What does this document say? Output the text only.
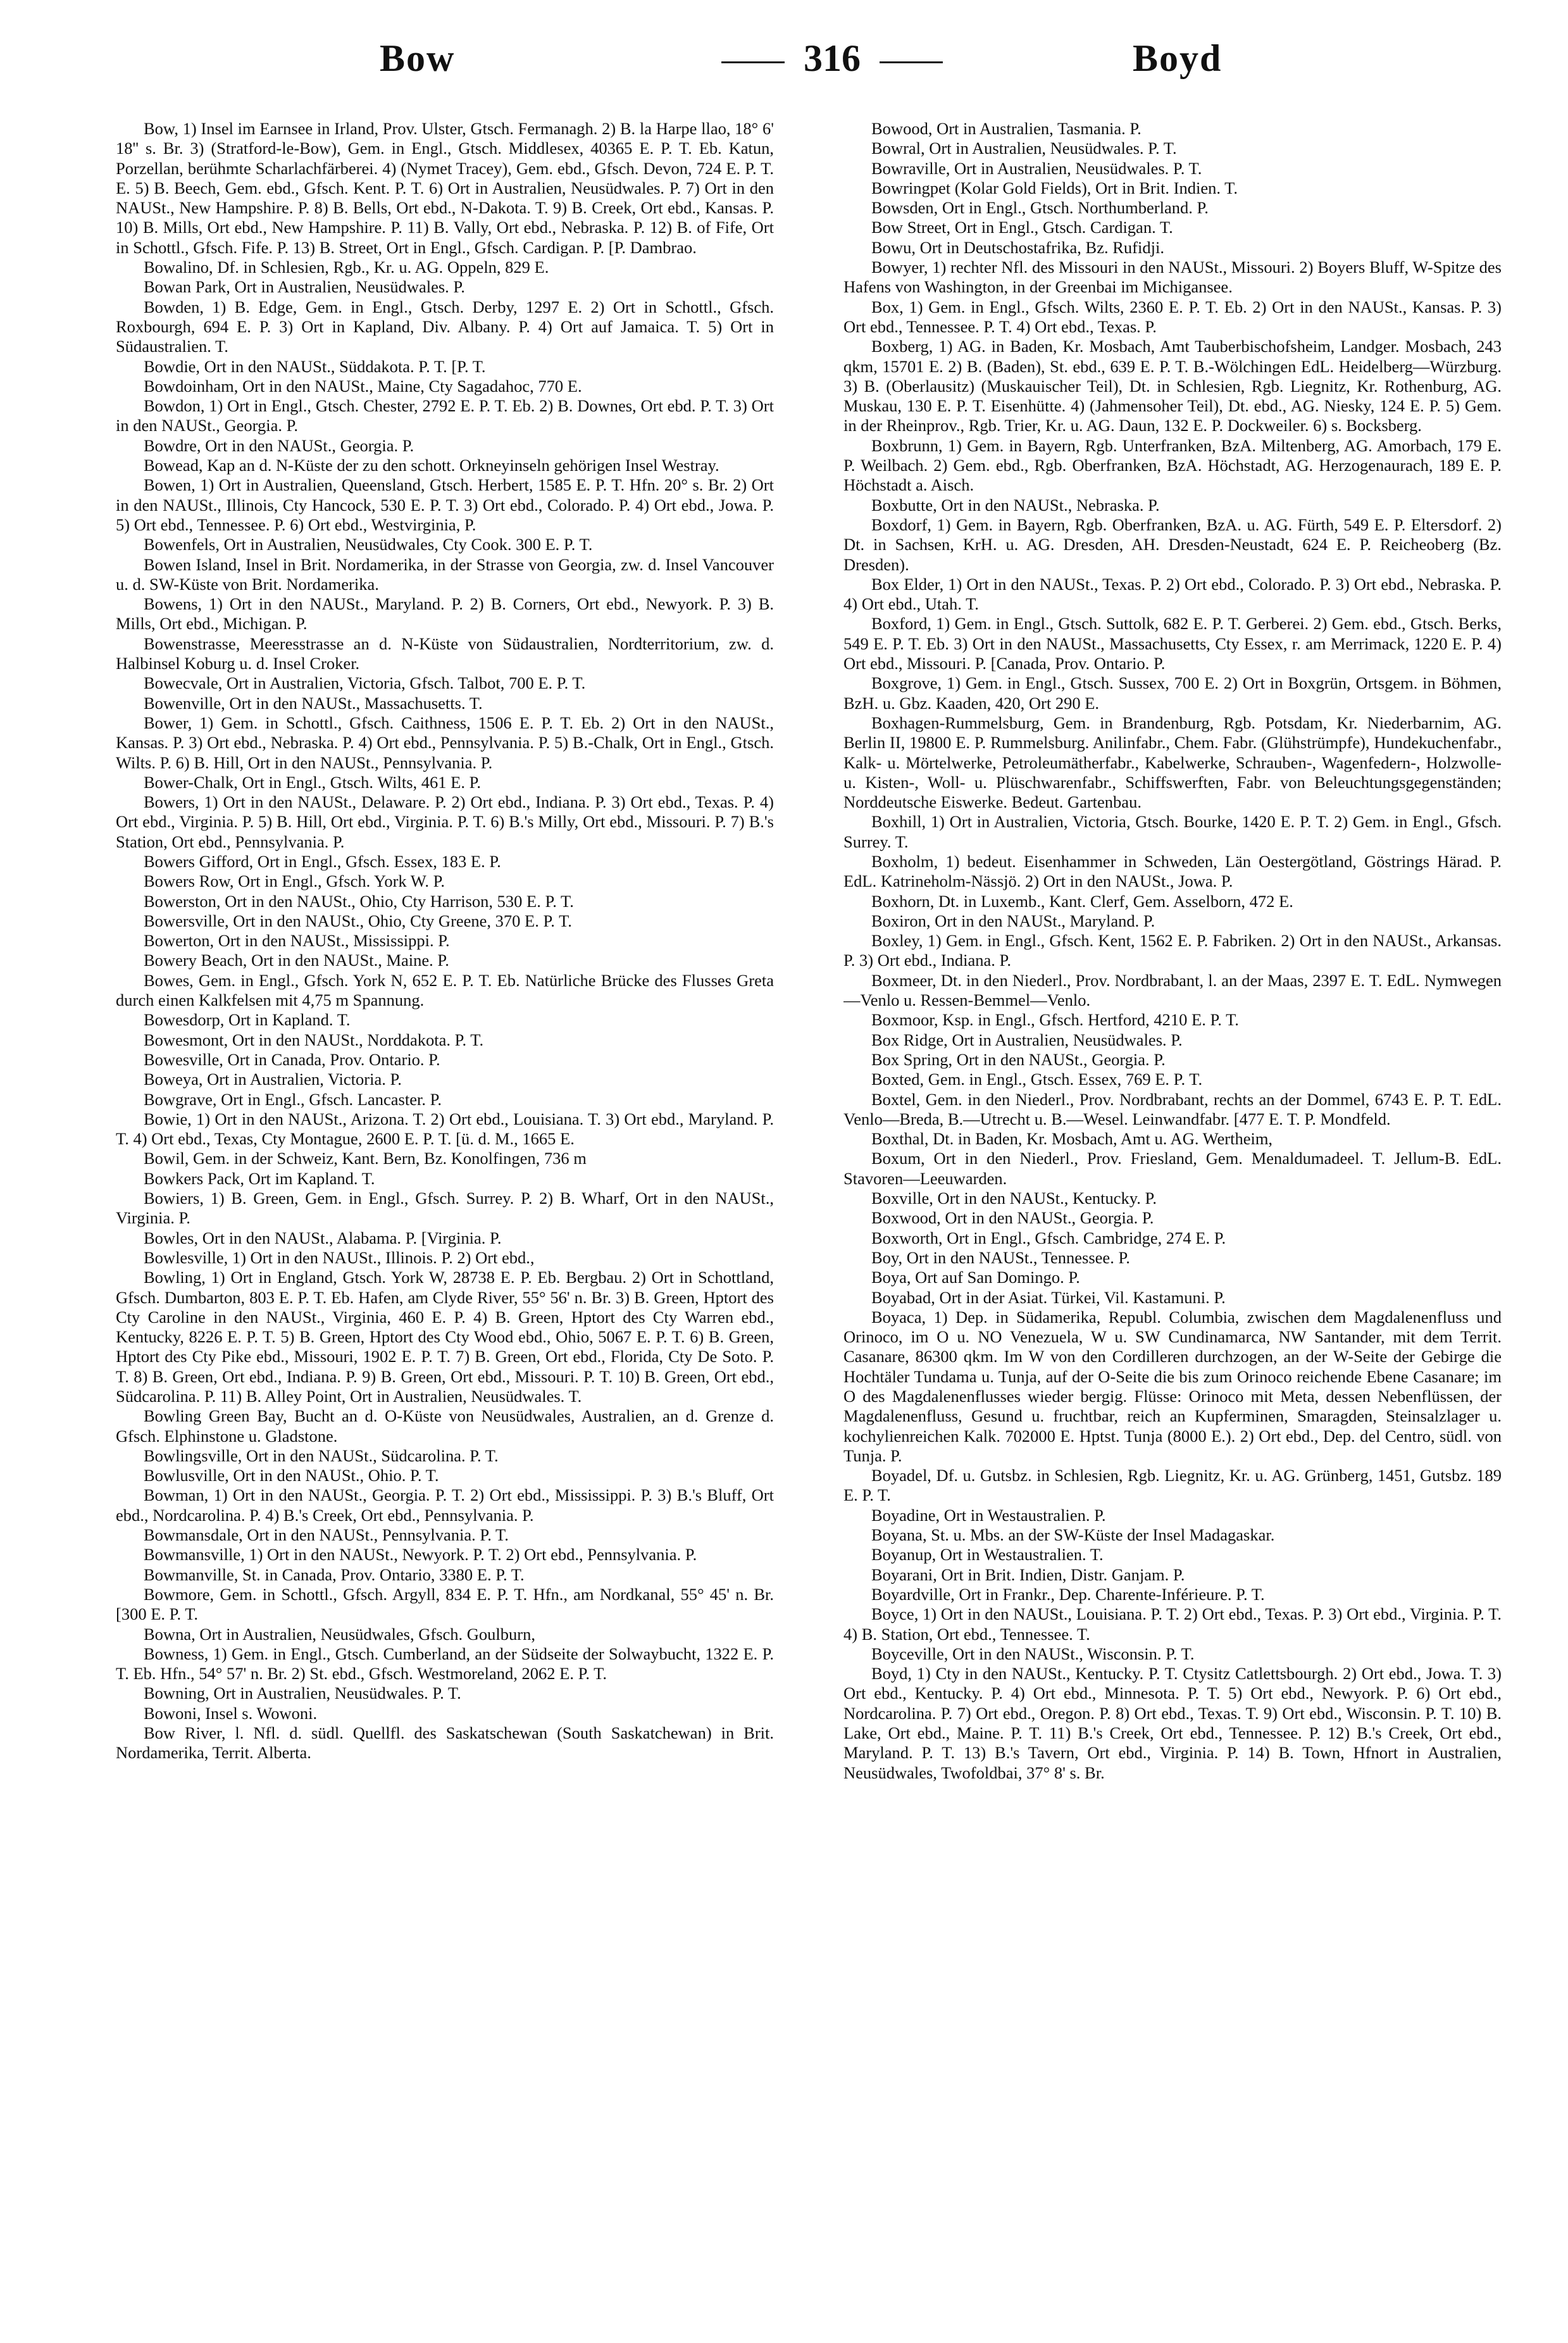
Bow	316	Boyd

Bow, 1) Insel im Earnsee in Irland, Prov. Ulster, Gtsch. Fermanagh. 2) B. la Harpe llao, 18° 6' 18'' s. Br. 3) (Stratford-le-Bow), Gem. in Engl., Gtsch. Middlesex, 40365 E. P. T. Eb. Katun, Porzellan, berühmte Scharlachfärberei. 4) (Nymet Tracey), Gem. ebd., Gfsch. Devon, 724 E. P. T. E. 5) B. Beech, Gem. ebd., Gfsch. Kent. P. T. 6) Ort in Australien, Neusüdwales. P. 7) Ort in den NAUSt., New Hampshire. P. 8) B. Bells, Ort ebd., N-Dakota. T. 9) B. Creek, Ort ebd., Kansas. P. 10) B. Mills, Ort ebd., New Hampshire. P. 11) B. Vally, Ort ebd., Nebraska. P. 12) B. of Fife, Ort in Schottl., Gfsch. Fife. P. 13) B. Street, Ort in Engl., Gfsch. Cardigan. P. [P. Dambrao.

Bowalino, Df. in Schlesien, Rgb., Kr. u. AG. Oppeln, 829 E.

Bowan Park, Ort in Australien, Neusüdwales. P.

Bowden, 1) B. Edge, Gem. in Engl., Gtsch. Derby, 1297 E. 2) Ort in Schottl., Gfsch. Roxbourgh, 694 E. P. 3) Ort in Kapland, Div. Albany. P. 4) Ort auf Jamaica. T. 5) Ort in Südaustralien. T.

Bowdie, Ort in den NAUSt., Süddakota. P. T. [P. T.

Bowdoinham, Ort in den NAUSt., Maine, Cty Sagadahoc, 770 E.

Bowdon, 1) Ort in Engl., Gtsch. Chester, 2792 E. P. T. Eb. 2) B. Downes, Ort ebd. P. T. 3) Ort in den NAUSt., Georgia. P.

Bowdre, Ort in den NAUSt., Georgia. P.

Bowead, Kap an d. N-Küste der zu den schott. Orkneyinseln gehörigen Insel Westray.

Bowen, 1) Ort in Australien, Queensland, Gtsch. Herbert, 1585 E. P. T. Hfn. 20° s. Br. 2) Ort in den NAUSt., Illinois, Cty Hancock, 530 E. P. T. 3) Ort ebd., Colorado. P. 4) Ort ebd., Jowa. P. 5) Ort ebd., Tennessee. P. 6) Ort ebd., Westvirginia, P.

Bowenfels, Ort in Australien, Neusüdwales, Cty Cook. 300 E. P. T.

Bowen Island, Insel in Brit. Nordamerika, in der Strasse von Georgia, zw. d. Insel Vancouver u. d. SW-Küste von Brit. Nordamerika.

Bowens, 1) Ort in den NAUSt., Maryland. P. 2) B. Corners, Ort ebd., Newyork. P. 3) B. Mills, Ort ebd., Michigan. P.

Bowenstrasse, Meeresstrasse an d. N-Küste von Südaustralien, Nordterritorium, zw. d. Halbinsel Koburg u. d. Insel Croker.

Bowecvale, Ort in Australien, Victoria, Gfsch. Talbot, 700 E. P. T.

Bowenville, Ort in den NAUSt., Massachusetts. T.

Bower, 1) Gem. in Schottl., Gfsch. Caithness, 1506 E. P. T. Eb. 2) Ort in den NAUSt., Kansas. P. 3) Ort ebd., Nebraska. P. 4) Ort ebd., Pennsylvania. P. 5) B.-Chalk, Ort in Engl., Gtsch. Wilts. P. 6) B. Hill, Ort in den NAUSt., Pennsylvania. P.

Bower-Chalk, Ort in Engl., Gtsch. Wilts, 461 E. P.

Bowers, 1) Ort in den NAUSt., Delaware. P. 2) Ort ebd., Indiana. P. 3) Ort ebd., Texas. P. 4) Ort ebd., Virginia. P. 5) B. Hill, Ort ebd., Virginia. P. T. 6) B.'s Milly, Ort ebd., Missouri. P. 7) B.'s Station, Ort ebd., Pennsylvania. P.

Bowers Gifford, Ort in Engl., Gfsch. Essex, 183 E. P.

Bowers Row, Ort in Engl., Gfsch. York W. P.

Bowerston, Ort in den NAUSt., Ohio, Cty Harrison, 530 E. P. T.

Bowersville, Ort in den NAUSt., Ohio, Cty Greene, 370 E. P. T.

Bowerton, Ort in den NAUSt., Mississippi. P.

Bowery Beach, Ort in den NAUSt., Maine. P.

Bowes, Gem. in Engl., Gfsch. York N, 652 E. P. T. Eb. Natürliche Brücke des Flusses Greta durch einen Kalkfelsen mit 4,75 m Spannung.

Bowesdorp, Ort in Kapland. T.

Bowesmont, Ort in den NAUSt., Norddakota. P. T.

Bowesville, Ort in Canada, Prov. Ontario. P.

Boweya, Ort in Australien, Victoria. P.

Bowgrave, Ort in Engl., Gfsch. Lancaster. P.

Bowie, 1) Ort in den NAUSt., Arizona. T. 2) Ort ebd., Louisiana. T. 3) Ort ebd., Maryland. P. T. 4) Ort ebd., Texas, Cty Montague, 2600 E. P. T. [ü. d. M., 1665 E.

Bowil, Gem. in der Schweiz, Kant. Bern, Bz. Konolfingen, 736 m

Bowkers Pack, Ort im Kapland. T.

Bowiers, 1) B. Green, Gem. in Engl., Gfsch. Surrey. P. 2) B. Wharf, Ort in den NAUSt., Virginia. P.

Bowles, Ort in den NAUSt., Alabama. P. [Virginia. P.

Bowlesville, 1) Ort in den NAUSt., Illinois. P. 2) Ort ebd.,

Bowling, 1) Ort in England, Gtsch. York W, 28738 E. P. Eb. Bergbau. 2) Ort in Schottland, Gfsch. Dumbarton, 803 E. P. T. Eb. Hafen, am Clyde River, 55° 56' n. Br. 3) B. Green, Hptort des Cty Caroline in den NAUSt., Virginia, 460 E. P. 4) B. Green, Hptort des Cty Warren ebd., Kentucky, 8226 E. P. T. 5) B. Green, Hptort des Cty Wood ebd., Ohio, 5067 E. P. T. 6) B. Green, Hptort des Cty Pike ebd., Missouri, 1902 E. P. T. 7) B. Green, Ort ebd., Florida, Cty De Soto. P. T. 8) B. Green, Ort ebd., Indiana. P. 9) B. Green, Ort ebd., Missouri. P. T. 10) B. Green, Ort ebd., Südcarolina. P. 11) B. Alley Point, Ort in Australien, Neusüdwales. T.

Bowling Green Bay, Bucht an d. O-Küste von Neusüdwales, Australien, an d. Grenze d. Gfsch. Elphinstone u. Gladstone.

Bowlingsville, Ort in den NAUSt., Südcarolina. P. T.

Bowlusville, Ort in den NAUSt., Ohio. P. T.

Bowman, 1) Ort in den NAUSt., Georgia. P. T. 2) Ort ebd., Mississippi. P. 3) B.'s Bluff, Ort ebd., Nordcarolina. P. 4) B.'s Creek, Ort ebd., Pennsylvania. P.

Bowmansdale, Ort in den NAUSt., Pennsylvania. P. T.

Bowmansville, 1) Ort in den NAUSt., Newyork. P. T. 2) Ort ebd., Pennsylvania. P.

Bowmanville, St. in Canada, Prov. Ontario, 3380 E. P. T.

Bowmore, Gem. in Schottl., Gfsch. Argyll, 834 E. P. T. Hfn., am Nordkanal, 55° 45' n. Br. [300 E. P. T.

Bowna, Ort in Australien, Neusüdwales, Gfsch. Goulburn,

Bowness, 1) Gem. in Engl., Gtsch. Cumberland, an der Südseite der Solwaybucht, 1322 E. P. T. Eb. Hfn., 54° 57' n. Br. 2) St. ebd., Gfsch. Westmoreland, 2062 E. P. T.

Bowning, Ort in Australien, Neusüdwales. P. T.

Bowoni, Insel s. Wowoni.

Bow River, l. Nfl. d. südl. Quellfl. des Saskatschewan (South Saskatchewan) in Brit. Nordamerika, Territ. Alberta.

Bowood, Ort in Australien, Tasmania. P.

Bowral, Ort in Australien, Neusüdwales. P. T.

Bowraville, Ort in Australien, Neusüdwales. P. T.

Bowringpet (Kolar Gold Fields), Ort in Brit. Indien. T.

Bowsden, Ort in Engl., Gtsch. Northumberland. P.

Bow Street, Ort in Engl., Gtsch. Cardigan. T.

Bowu, Ort in Deutschostafrika, Bz. Rufidji.

Bowyer, 1) rechter Nfl. des Missouri in den NAUSt., Missouri. 2) Boyers Bluff, W-Spitze des Hafens von Washington, in der Greenbai im Michigansee.

Box, 1) Gem. in Engl., Gfsch. Wilts, 2360 E. P. T. Eb. 2) Ort in den NAUSt., Kansas. P. 3) Ort ebd., Tennessee. P. T. 4) Ort ebd., Texas. P.

Boxberg, 1) AG. in Baden, Kr. Mosbach, Amt Tauberbischofsheim, Landger. Mosbach, 243 qkm, 15701 E. 2) B. (Baden), St. ebd., 639 E. P. T. B.-Wölchingen EdL. Heidelberg—Würzburg. 3) B. (Oberlausitz) (Muskauischer Teil), Dt. in Schlesien, Rgb. Liegnitz, Kr. Rothenburg, AG. Muskau, 130 E. P. T. Eisenhütte. 4) (Jahmensoher Teil), Dt. ebd., AG. Niesky, 124 E. P. 5) Gem. in der Rheinprov., Rgb. Trier, Kr. u. AG. Daun, 132 E. P. Dockweiler. 6) s. Bocksberg.

Boxbrunn, 1) Gem. in Bayern, Rgb. Unterfranken, BzA. Miltenberg, AG. Amorbach, 179 E. P. Weilbach. 2) Gem. ebd., Rgb. Oberfranken, BzA. Höchstadt, AG. Herzogenaurach, 189 E. P. Höchstadt a. Aisch.

Boxbutte, Ort in den NAUSt., Nebraska. P.

Boxdorf, 1) Gem. in Bayern, Rgb. Oberfranken, BzA. u. AG. Fürth, 549 E. P. Eltersdorf. 2) Dt. in Sachsen, KrH. u. AG. Dresden, AH. Dresden-Neustadt, 624 E. P. Reicheoberg (Bz. Dresden).

Box Elder, 1) Ort in den NAUSt., Texas. P. 2) Ort ebd., Colorado. P. 3) Ort ebd., Nebraska. P. 4) Ort ebd., Utah. T.

Boxford, 1) Gem. in Engl., Gtsch. Suttolk, 682 E. P. T. Gerberei. 2) Gem. ebd., Gtsch. Berks, 549 E. P. T. Eb. 3) Ort in den NAUSt., Massachusetts, Cty Essex, r. am Merrimack, 1220 E. P. 4) Ort ebd., Missouri. P. [Canada, Prov. Ontario. P.

Boxgrove, 1) Gem. in Engl., Gtsch. Sussex, 700 E. 2) Ort in Boxgrün, Ortsgem. in Böhmen, BzH. u. Gbz. Kaaden, 420, Ort 290 E.

Boxhagen-Rummelsburg, Gem. in Brandenburg, Rgb. Potsdam, Kr. Niederbarnim, AG. Berlin II, 19800 E. P. Rummelsburg. Anilinfabr., Chem. Fabr. (Glühstrümpfe), Hundekuchenfabr., Kalk- u. Mörtelwerke, Petroleumätherfabr., Kabelwerke, Schrauben-, Wagenfedern-, Holzwolle- u. Kisten-, Woll- u. Plüschwarenfabr., Schiffswerften, Fabr. von Beleuchtungsgegenständen; Norddeutsche Eiswerke. Bedeut. Gartenbau.

Boxhill, 1) Ort in Australien, Victoria, Gtsch. Bourke, 1420 E. P. T. 2) Gem. in Engl., Gfsch. Surrey. T.

Boxholm, 1) bedeut. Eisenhammer in Schweden, Län Oestergötland, Göstrings Härad. P. EdL. Katrineholm-Nässjö. 2) Ort in den NAUSt., Jowa. P.

Boxhorn, Dt. in Luxemb., Kant. Clerf, Gem. Asselborn, 472 E.

Boxiron, Ort in den NAUSt., Maryland. P.

Boxley, 1) Gem. in Engl., Gfsch. Kent, 1562 E. P. Fabriken. 2) Ort in den NAUSt., Arkansas. P. 3) Ort ebd., Indiana. P.

Boxmeer, Dt. in den Niederl., Prov. Nordbrabant, l. an der Maas, 2397 E. T. EdL. Nymwegen—Venlo u. Ressen-Bemmel—Venlo.

Boxmoor, Ksp. in Engl., Gfsch. Hertford, 4210 E. P. T.

Box Ridge, Ort in Australien, Neusüdwales. P.

Box Spring, Ort in den NAUSt., Georgia. P.

Boxted, Gem. in Engl., Gtsch. Essex, 769 E. P. T.

Boxtel, Gem. in den Niederl., Prov. Nordbrabant, rechts an der Dommel, 6743 E. P. T. EdL. Venlo—Breda, B.—Utrecht u. B.—Wesel. Leinwandfabr. [477 E. T. P. Mondfeld.

Boxthal, Dt. in Baden, Kr. Mosbach, Amt u. AG. Wertheim,

Boxum, Ort in den Niederl., Prov. Friesland, Gem. Menaldumadeel. T. Jellum-B. EdL. Stavoren—Leeuwarden.

Boxville, Ort in den NAUSt., Kentucky. P.

Boxwood, Ort in den NAUSt., Georgia. P.

Boxworth, Ort in Engl., Gfsch. Cambridge, 274 E. P.

Boy, Ort in den NAUSt., Tennessee. P.

Boya, Ort auf San Domingo. P.

Boyabad, Ort in der Asiat. Türkei, Vil. Kastamuni. P.

Boyaca, 1) Dep. in Südamerika, Republ. Columbia, zwischen dem Magdalenenfluss und Orinoco, im O u. NO Venezuela, W u. SW Cundinamarca, NW Santander, mit dem Territ. Casanare, 86300 qkm. Im W von den Cordilleren durchzogen, an der W-Seite der Gebirge die Hochtäler Tundama u. Tunja, auf der O-Seite die bis zum Orinoco reichende Ebene Casanare; im O des Magdalenenflusses wieder bergig. Flüsse: Orinoco mit Meta, dessen Nebenflüssen, der Magdalenenfluss, Gesund u. fruchtbar, reich an Kupferminen, Smaragden, Steinsalzlager u. kochylienreichen Kalk. 702000 E. Hptst. Tunja (8000 E.). 2) Ort ebd., Dep. del Centro, südl. von Tunja. P.

Boyadel, Df. u. Gutsbz. in Schlesien, Rgb. Liegnitz, Kr. u. AG. Grünberg, 1451, Gutsbz. 189 E. P. T.

Boyadine, Ort in Westaustralien. P.

Boyana, St. u. Mbs. an der SW-Küste der Insel Madagaskar.

Boyanup, Ort in Westaustralien. T.

Boyarani, Ort in Brit. Indien, Distr. Ganjam. P.

Boyardville, Ort in Frankr., Dep. Charente-Inférieure. P. T.

Boyce, 1) Ort in den NAUSt., Louisiana. P. T. 2) Ort ebd., Texas. P. 3) Ort ebd., Virginia. P. T. 4) B. Station, Ort ebd., Tennessee. T.

Boyceville, Ort in den NAUSt., Wisconsin. P. T.

Boyd, 1) Cty in den NAUSt., Kentucky. P. T. Ctysitz Catlettsbourgh. 2) Ort ebd., Jowa. T. 3) Ort ebd., Kentucky. P. 4) Ort ebd., Minnesota. P. T. 5) Ort ebd., Newyork. P. 6) Ort ebd., Nordcarolina. P. 7) Ort ebd., Oregon. P. 8) Ort ebd., Texas. T. 9) Ort ebd., Wisconsin. P. T. 10) B. Lake, Ort ebd., Maine. P. T. 11) B.'s Creek, Ort ebd., Tennessee. P. 12) B.'s Creek, Ort ebd., Maryland. P. T. 13) B.'s Tavern, Ort ebd., Virginia. P. 14) B. Town, Hfnort in Australien, Neusüdwales, Twofoldbai, 37° 8' s. Br.
